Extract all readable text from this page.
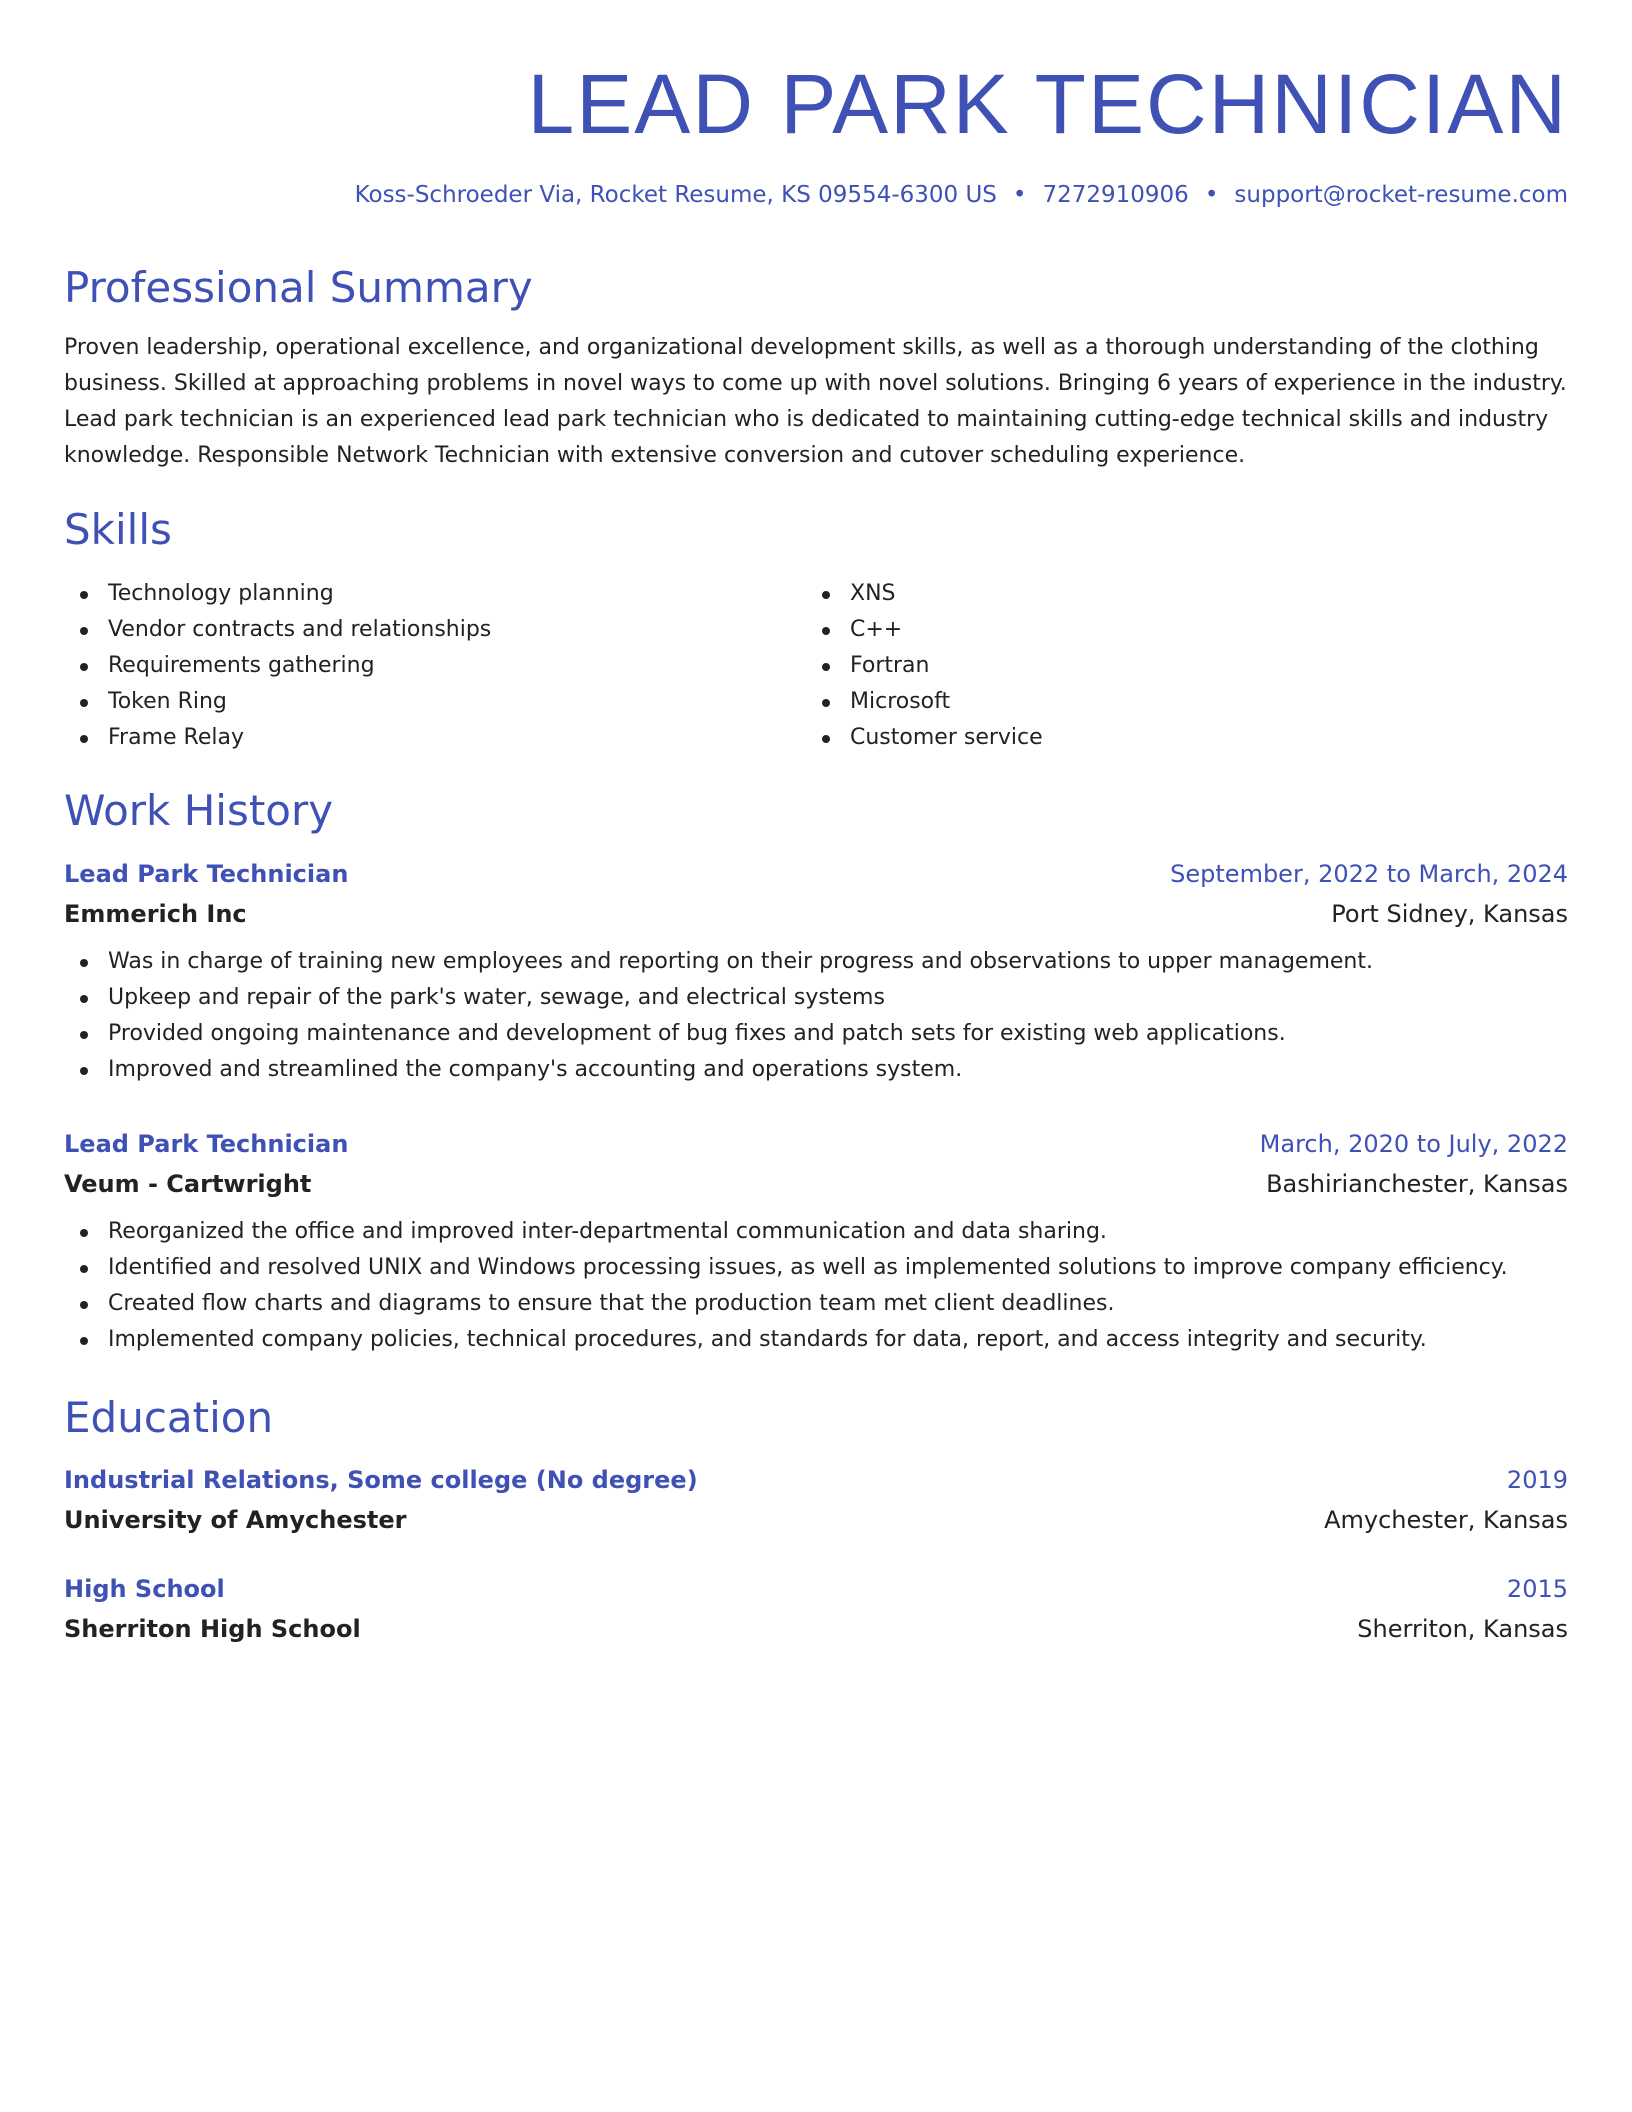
LEAD PARK TECHNICIAN
Koss-Schroeder Via, Rocket Resume, KS 09554-6300 US • 7272910906 • support@rocket-resume.com
Professional Summary

Proven leadership, operational excellence, and organizational development skills, as well as a thorough understanding of the clothing business. Skilled at approaching problems in novel ways to come up with novel solutions. Bringing 6 years of experience in the industry. Lead park technician is an experienced lead park technician who is dedicated to maintaining cutting-edge technical skills and industry knowledge. Responsible Network Technician with extensive conversion and cutover scheduling experience.

Skills
Technology planning
Vendor contracts and relationships
Requirements gathering
Token Ring
Frame Relay
XNS
C++
Fortran
Microsoft
Customer service
Work History
Lead Park Technician	September, 2022 to March, 2024
Emmerich Inc	Port Sidney, Kansas
Was in charge of training new employees and reporting on their progress and observations to upper management.
Upkeep and repair of the park's water, sewage, and electrical systems
Provided ongoing maintenance and development of bug fixes and patch sets for existing web applications.
Improved and streamlined the company's accounting and operations system.
Lead Park Technician	March, 2020 to July, 2022
Veum - Cartwright	Bashirianchester, Kansas
Reorganized the office and improved inter-departmental communication and data sharing.
Identified and resolved UNIX and Windows processing issues, as well as implemented solutions to improve company efficiency.
Created flow charts and diagrams to ensure that the production team met client deadlines.
Implemented company policies, technical procedures, and standards for data, report, and access integrity and security.
Education
Industrial Relations, Some college (No degree)	2019
University of Amychester	Amychester, Kansas
High School	2015
Sherriton High School	Sherriton, Kansas
